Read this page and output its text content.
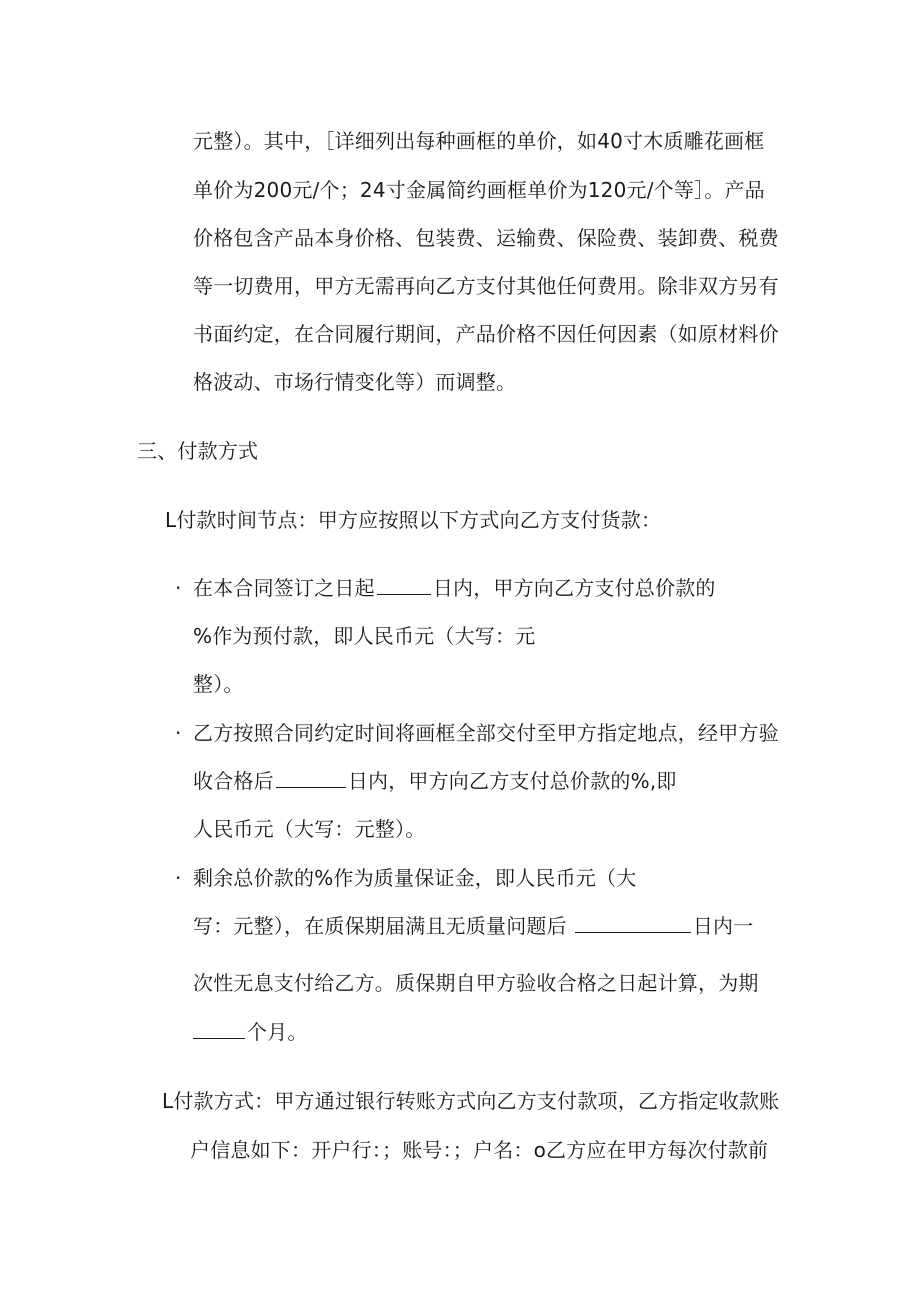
元整）。其中，［详细列出每种画框的单价，如40寸木质雕花画框
单价为200元/个；24寸金属简约画框单价为120元/个等］。产品
价格包含产品本身价格、包装费、运输费、保险费、装卸费、税费
等一切费用，甲方无需再向乙方支付其他任何费用。除非双方另有
书面约定，在合同履行期间，产品价格不因任何因素（如原材料价
格波动、市场行情变化等）而调整。
三、付款方式
L付款时间节点：甲方应按照以下方式向乙方支付货款：
· 在本合同签订之日起	日内，甲方向乙方支付总价款的
%作为预付款，即人民币元（大写：元
整）。
· 乙方按照合同约定时间将画框全部交付至甲方指定地点，经甲方验
收合格后	日内，甲方向乙方支付总价款的%,即
人民币元（大写：元整）。
· 剩余总价款的%作为质量保证金，即人民币元（大
写：元整），在质保期届满且无质量问题后	日内一
次性无息支付给乙方。质保期自甲方验收合格之日起计算，为期
个月。
L付款方式：甲方通过银行转账方式向乙方支付款项，乙方指定收款账
户信息如下：开户行：；账号：；户名：o乙方应在甲方每次付款前
